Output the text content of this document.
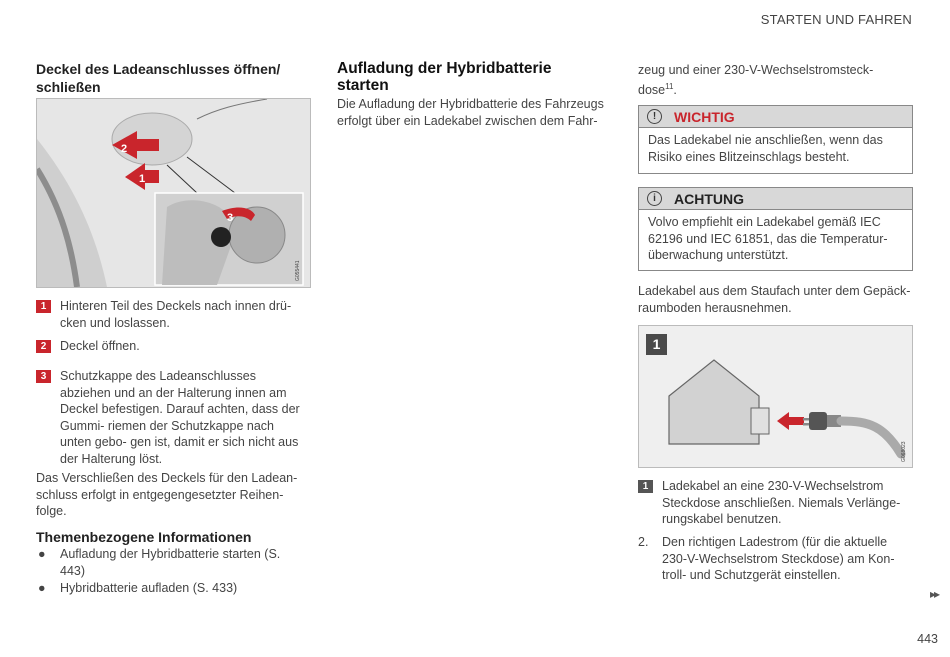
STARTEN UND FAHREN
Deckel des Ladeanschlusses öffnen/ schließen
2
1
3
G055441
1	Hinteren Teil des Deckels nach innen drü- cken und loslassen.
2	Deckel öffnen.
3	Schutzkappe des Ladeanschlusses abziehen und an der Halterung innen am Deckel befestigen. Darauf achten, dass der Gummi- riemen der Schutzkappe nach unten gebo- gen ist, damit er sich nicht aus der Halterung löst.
Das Verschließen des Deckels für den Ladean- schluss erfolgt in entgegengesetzter Reihen- folge.
Themenbezogene Informationen
● Aufladung der Hybridbatterie starten (S. 443)
● Hybridbatterie aufladen (S. 433)
Aufladung der Hybridbatterie starten
Die Aufladung der Hybridbatterie des Fahrzeugs erfolgt über ein Ladekabel zwischen dem Fahr-
zeug und einer 230-V-Wechselstromsteck- dose$^{11}$.
!	WICHTIG
Das Ladekabel nie anschließen, wenn das Risiko eines Blitzeinschlags besteht.
i	ACHTUNG
Volvo empfiehlt ein Ladekabel gemäß IEC 62196 und IEC 61851, das die Temperatur- überwachung unterstützt.
Ladekabel aus dem Staufach unter dem Gepäck- raumboden herausnehmen.
1
G068023
1	Ladekabel an eine 230-V-Wechselstrom Steckdose anschließen. Niemals Verlänge- rungskabel benutzen.
2. Den richtigen Ladestrom (für die aktuelle 230-V-Wechselstrom Steckdose) am Kon- troll- und Schutzgerät einstellen.
▸▸
443
